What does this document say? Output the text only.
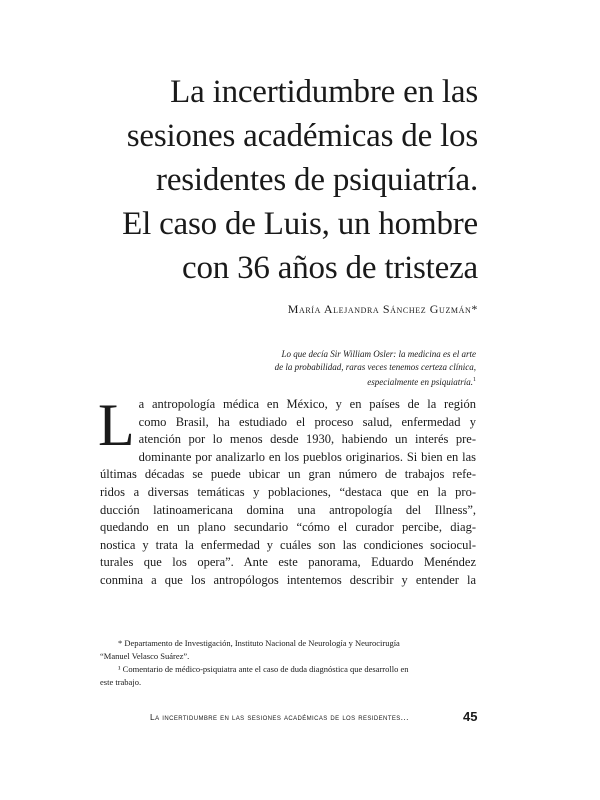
La incertidumbre en las
sesiones académicas de los
residentes de psiquiatría.
El caso de Luis, un hombre
con 36 años de tristeza
María Alejandra Sánchez Guzmán*
Lo que decía Sir William Osler: la medicina es el arte
de la probabilidad, raras veces tenemos certeza clínica,
especialmente en psiquiatría.$^1$
L a antropología médica en México, y en países de la región
como Brasil, ha estudiado el proceso salud, enfermedad y
atención por lo menos desde 1930, habiendo un interés pre-
dominante por analizarlo en los pueblos originarios. Si bien en las
últimas décadas se puede ubicar un gran número de trabajos refe-
ridos a diversas temáticas y poblaciones, “destaca que en la pro-
ducción latinoamericana domina una antropología del Illness”,
quedando en un plano secundario “cómo el curador percibe, diag-
nostica y trata la enfermedad y cuáles son las condiciones sociocul-
turales que los opera”. Ante este panorama, Eduardo Menéndez
conmina a que los antropólogos intentemos describir y entender la
* Departamento de Investigación, Instituto Nacional de Neurología y Neurocirugía
“Manuel Velasco Suárez”.
¹ Comentario de médico-psiquiatra ante el caso de duda diagnóstica que desarrollo en
este trabajo.
La incertidumbre en las sesiones académicas de los residentes...	45
